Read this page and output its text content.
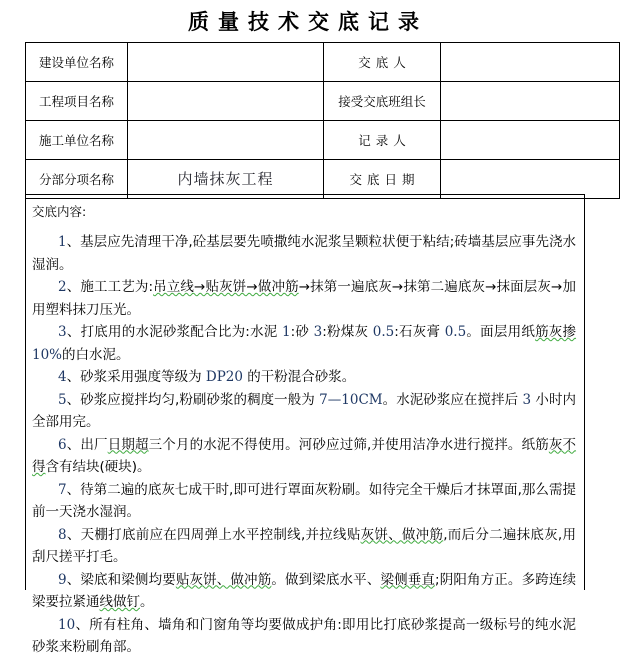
质量技术交底记录
建设单位名称		交底人	
工程项目名称		接受交底班组长	
施工单位名称		记录人	
分部分项名称	内墙抹灰工程	交底日期	
交底内容:
1、基层应先清理干净,砼基层要先喷撒纯水泥浆呈颗粒状便于粘结;砖墙基层应事先浇水湿润。
2、施工工艺为:吊立线→贴灰饼→做冲筋→抹第一遍底灰→抹第二遍底灰→抹面层灰→加用塑料抹刀压光。
3、打底用的水泥砂浆配合比为:水泥 1:砂 3:粉煤灰 0.5:石灰膏 0.5。面层用纸筋灰掺 10%的白水泥。
4、砂浆采用强度等级为 DP20 的干粉混合砂浆。
5、砂浆应搅拌均匀,粉刷砂浆的稠度一般为 7—10CM。水泥砂浆应在搅拌后 3 小时内全部用完。
6、出厂日期超三个月的水泥不得使用。河砂应过筛,并使用洁净水进行搅拌。纸筋灰不得含有结块(硬块)。
7、待第二遍的底灰七成干时,即可进行罩面灰粉刷。如待完全干燥后才抹罩面,那么需提前一天浇水湿润。
8、天棚打底前应在四周弹上水平控制线,并拉线贴灰饼、做冲筋,而后分二遍抹底灰,用刮尺搓平打毛。
9、梁底和梁侧均要贴灰饼、做冲筋。做到梁底水平、梁侧垂直;阴阳角方正。多跨连续梁要拉紧通线做钉。
10、所有柱角、墙角和门窗角等均要做成护角:即用比打底砂浆提高一级标号的纯水泥砂浆来粉刷角部。
